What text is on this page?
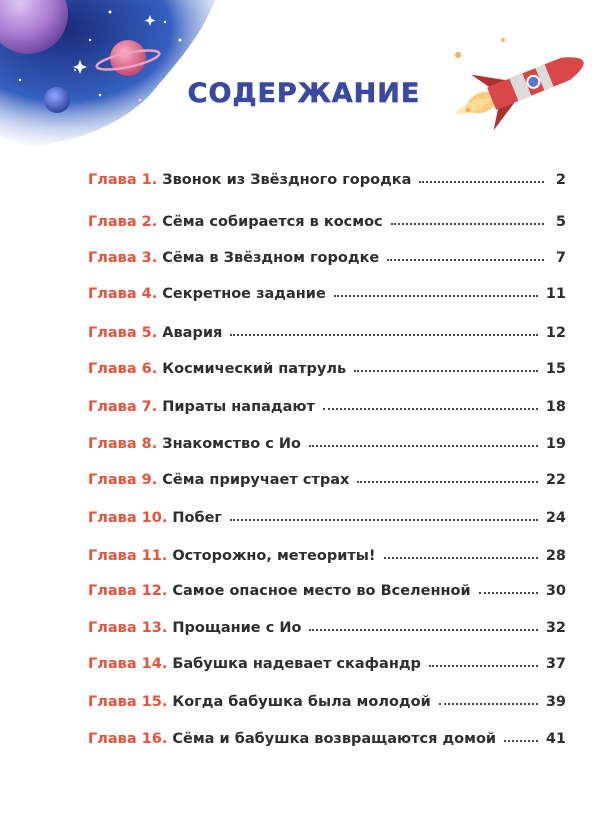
СОДЕРЖАНИЕ
Глава 1. Звонок из Звёздного городка	2
Глава 2. Сёма собирается в космос	5
Глава 3. Сёма в Звёздном городке	7
Глава 4. Секретное задание	11
Глава 5. Авария	12
Глава 6. Космический патруль	15
Глава 7. Пираты нападают	18
Глава 8. Знакомство с Ио	19
Глава 9. Сёма приручает страх	22
Глава 10. Побег	24
Глава 11. Осторожно, метеориты!	28
Глава 12. Самое опасное место во Вселенной	30
Глава 13. Прощание с Ио	32
Глава 14. Бабушка надевает скафандр	37
Глава 15. Когда бабушка была молодой	39
Глава 16. Сёма и бабушка возвращаются домой	41
